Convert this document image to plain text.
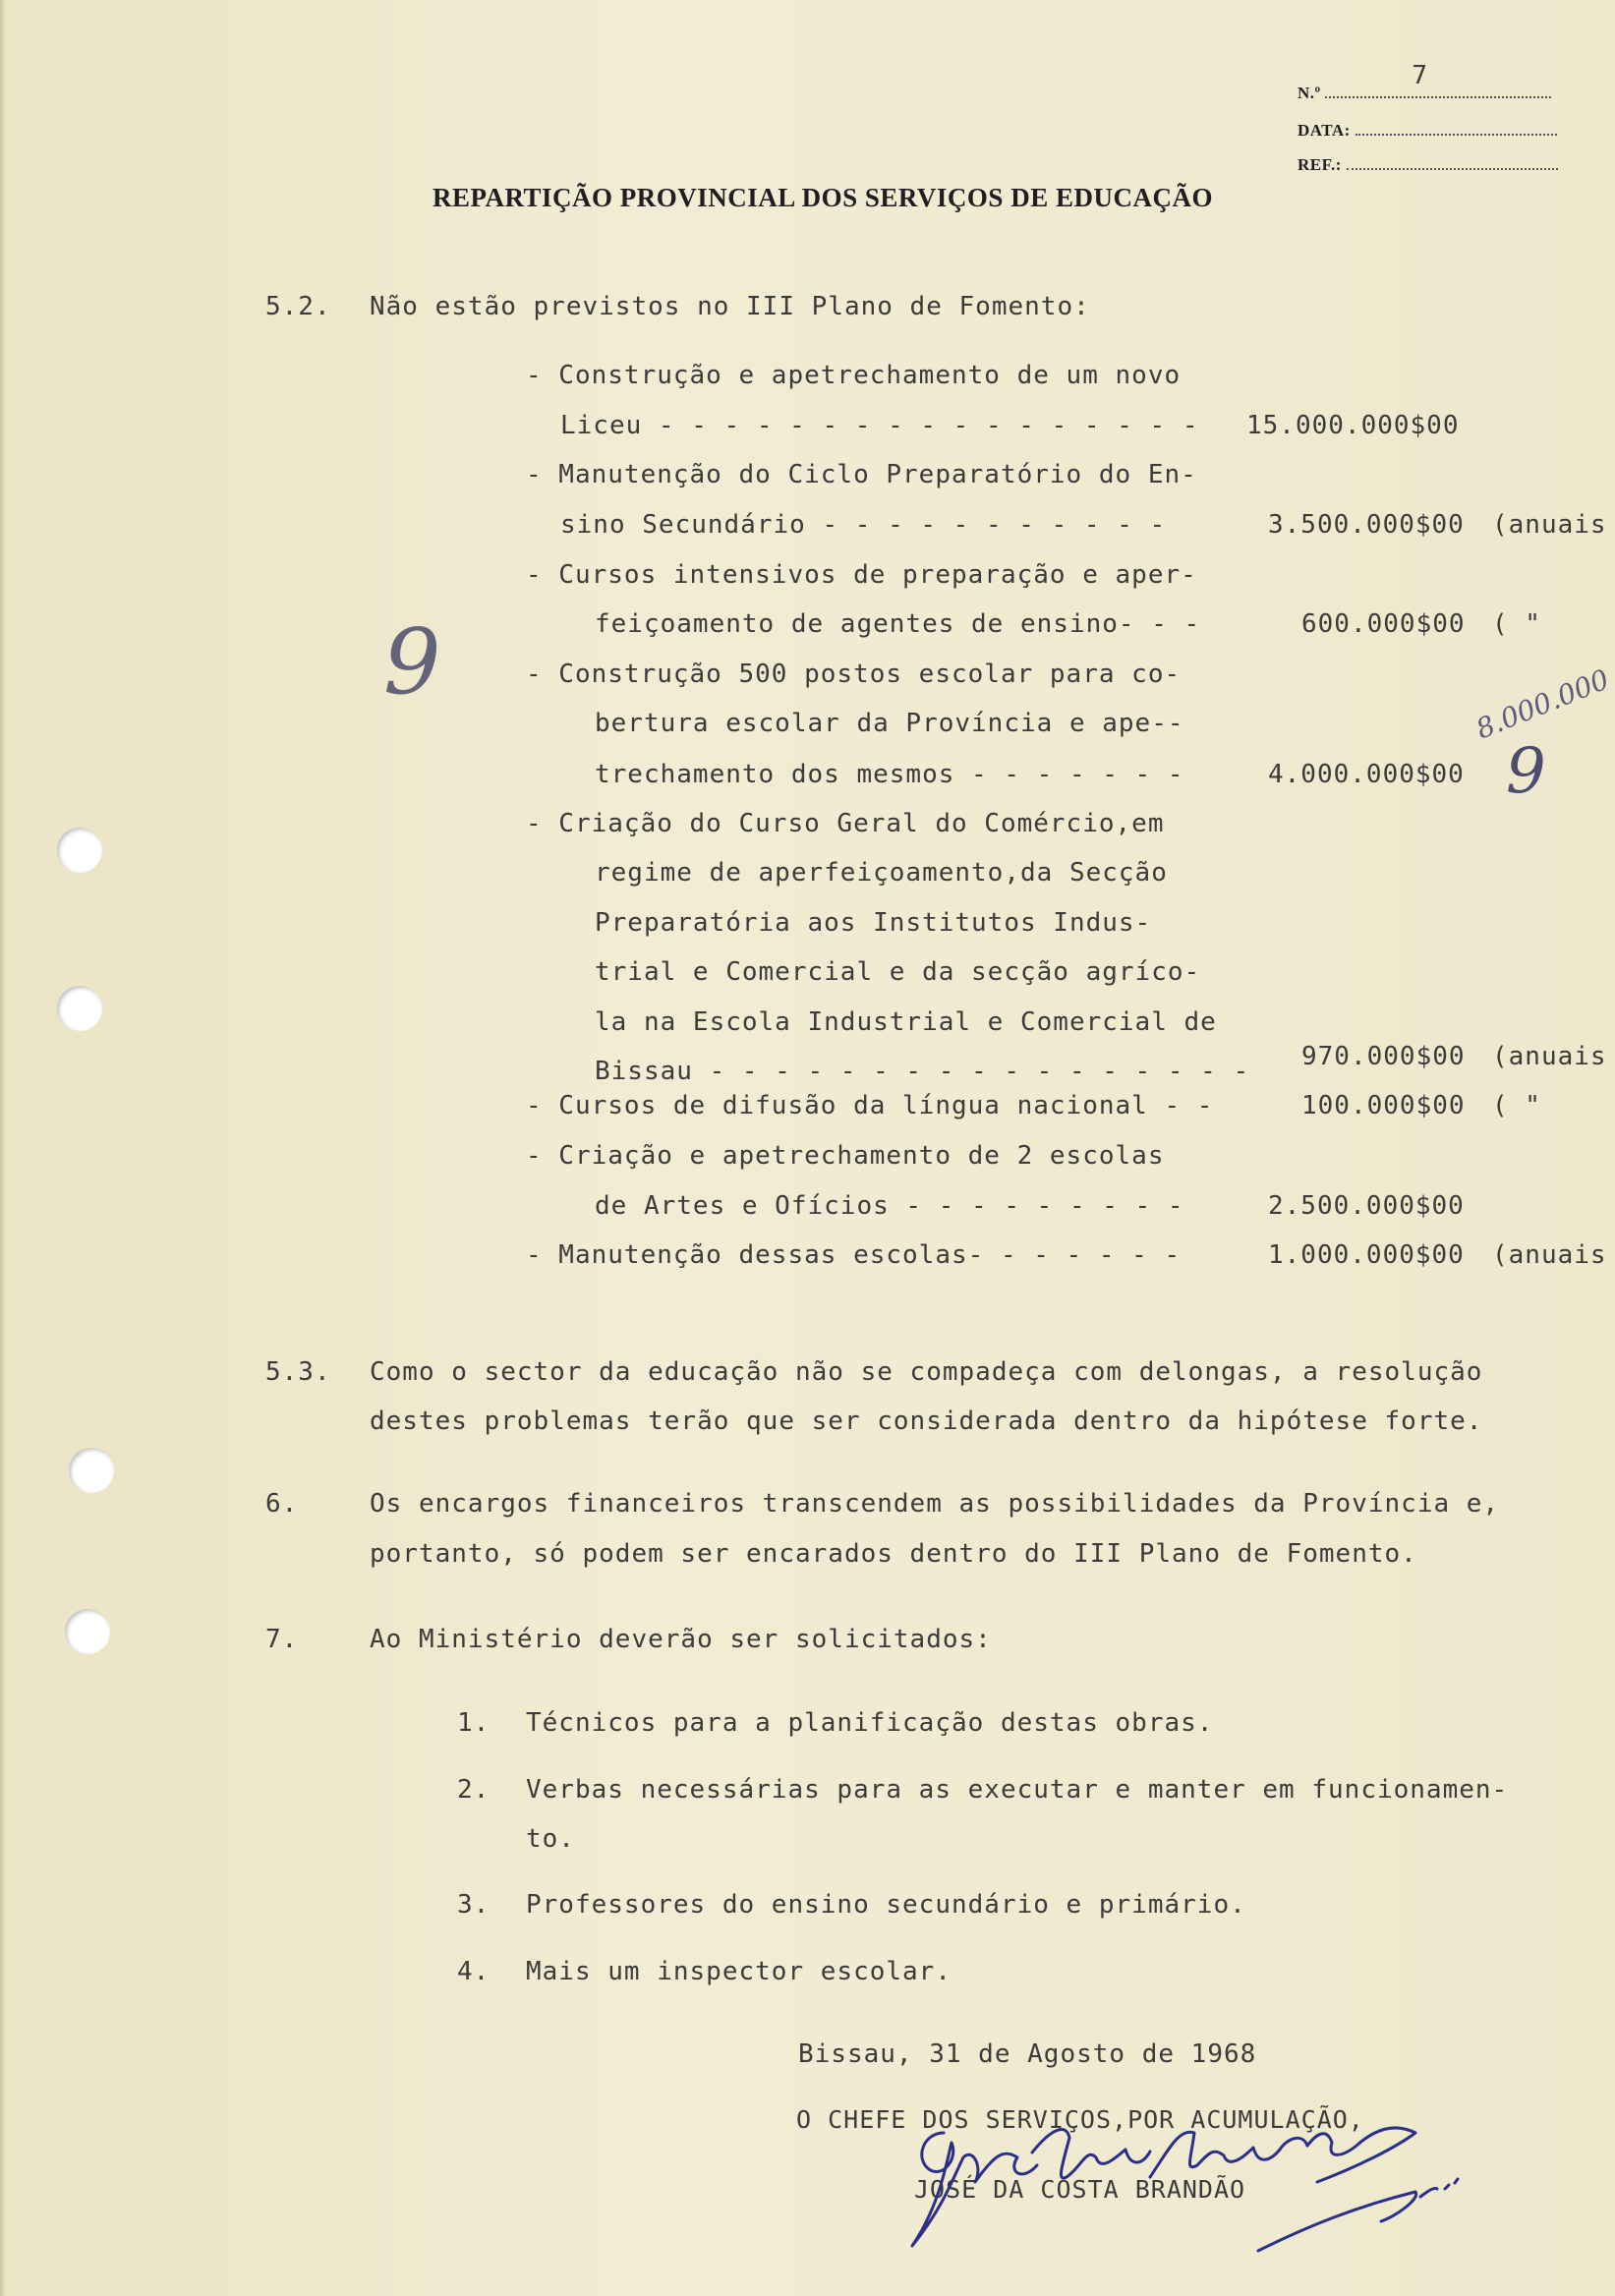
N.º
7
DATA:
REF.:
REPARTIÇÃO PROVINCIAL DOS SERVIÇOS DE EDUCAÇÃO
5.2. Não estão previstos no III Plano de Fomento:
- Construção e apetrechamento de um novo
Liceu - - - - - - - - - - - - - - - - - 15.000.000$00
- Manutenção do Ciclo Preparatório do En-
sino Secundário - - - - - - - - - - -	3.500.000$00 (anuais
- Cursos intensivos de preparação e aper-
feiçoamento de agentes de ensino- - -	600.000$00 ( "
- Construção 500 postos escolar para co-
bertura escolar da Província e ape--
trechamento dos mesmos - - - - - - -	4.000.000$00
- Criação do Curso Geral do Comércio,em
regime de aperfeiçoamento,da Secção
Preparatória aos Institutos Indus-
trial e Comercial e da secção agríco-
la na Escola Industrial e Comercial de
Bissau - - - - - - - - - - - - - - - - - 970.000$00 (anuais
- Cursos de difusão da língua nacional - -	100.000$00 ( "
- Criação e apetrechamento de 2 escolas
de Artes e Ofícios - - - - - - - - -	2.500.000$00
- Manutenção dessas escolas- - - - - - -	1.000.000$00 (anuais
5.3. Como o sector da educação não se compadeça com delongas, a resolução
destes problemas terão que ser considerada dentro da hipótese forte.
6.	Os encargos financeiros transcendem as possibilidades da Província e,
portanto, só podem ser encarados dentro do III Plano de Fomento.
7.	Ao Ministério deverão ser solicitados:
1. Técnicos para a planificação destas obras.
2. Verbas necessárias para as executar e manter em funcionamen-
to.
3. Professores do ensino secundário e primário.
4. Mais um inspector escolar.
Bissau, 31 de Agosto de 1968
O CHEFE DOS SERVIÇOS,POR ACUMULAÇÃO,
JOSÉ DA COSTA BRANDÃO
9	8.000.000
9
